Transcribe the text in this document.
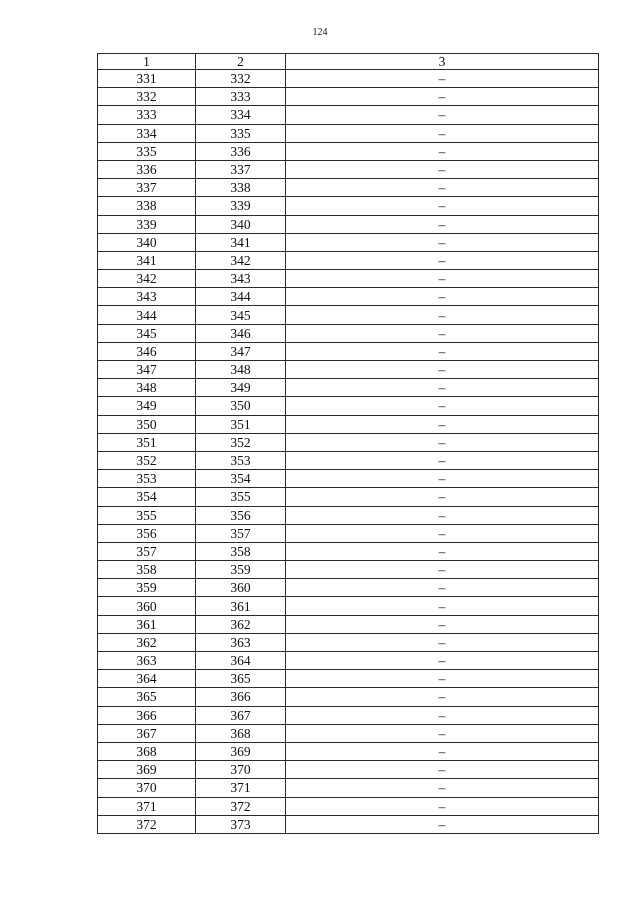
124
1	2	3
331	332	–
332	333	–
333	334	–
334	335	–
335	336	–
336	337	–
337	338	–
338	339	–
339	340	–
340	341	–
341	342	–
342	343	–
343	344	–
344	345	–
345	346	–
346	347	–
347	348	–
348	349	–
349	350	–
350	351	–
351	352	–
352	353	–
353	354	–
354	355	–
355	356	–
356	357	–
357	358	–
358	359	–
359	360	–
360	361	–
361	362	–
362	363	–
363	364	–
364	365	–
365	366	–
366	367	–
367	368	–
368	369	–
369	370	–
370	371	–
371	372	–
372	373	–
